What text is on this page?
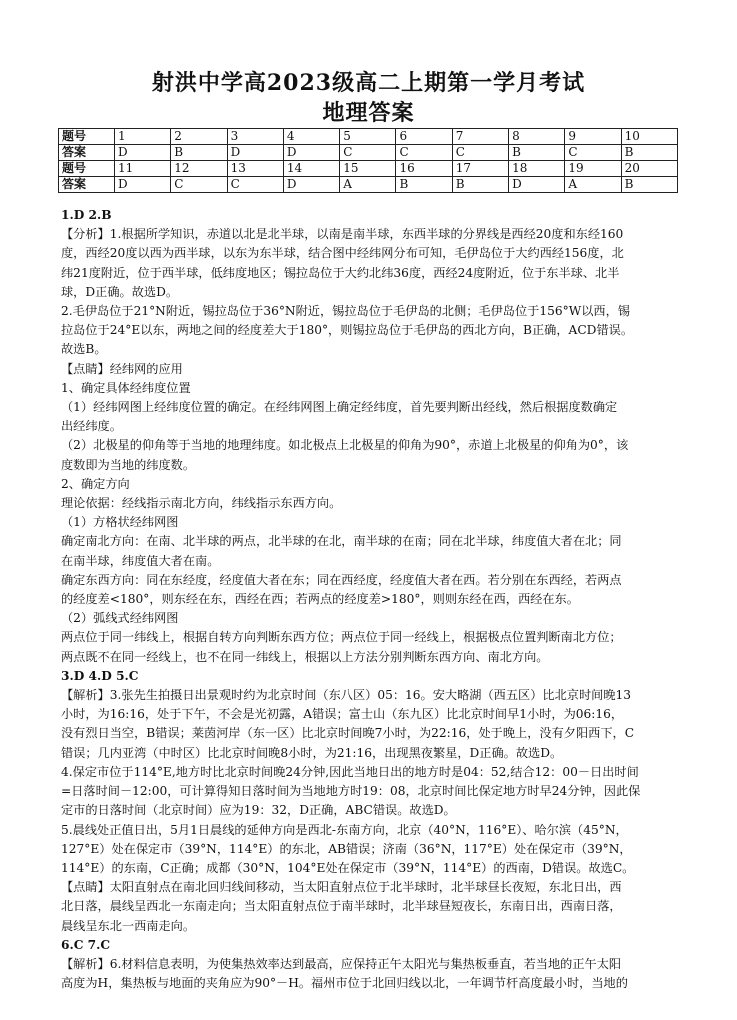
射洪中学高2023级高二上期第一学月考试
地理答案
题号	1	2	3	4	5	6	7	8	9	10
答案	D	B	D	D	C	C	C	B	C	B
题号	11	12	13	14	15	16	17	18	19	20
答案	D	C	C	D	A	B	B	D	A	B

1.D 2.B

【分析】1.根据所学知识，赤道以北是北半球，以南是南半球，东西半球的分界线是西经20度和东经160

度，西经20度以西为西半球，以东为东半球，结合图中经纬网分布可知，毛伊岛位于大约西经156度，北

纬21度附近，位于西半球，低纬度地区；锡拉岛位于大约北纬36度，西经24度附近，位于东半球、北半

球，D正确。故选D。

2.毛伊岛位于21°N附近，锡拉岛位于36°N附近，锡拉岛位于毛伊岛的北侧；毛伊岛位于156°W以西，锡

拉岛位于24°E以东，两地之间的经度差大于180°，则锡拉岛位于毛伊岛的西北方向，B正确，ACD错误。

故选B。

【点睛】经纬网的应用

1、确定具体经纬度位置

（1）经纬网图上经纬度位置的确定。在经纬网图上确定经纬度，首先要判断出经线，然后根据度数确定

出经纬度。

（2）北极星的仰角等于当地的地理纬度。如北极点上北极星的仰角为90°，赤道上北极星的仰角为0°，该

度数即为当地的纬度数。

2、确定方向

理论依据：经线指示南北方向，纬线指示东西方向。

（1）方格状经纬网图

确定南北方向：在南、北半球的两点，北半球的在北，南半球的在南；同在北半球，纬度值大者在北；同

在南半球，纬度值大者在南。

确定东西方向：同在东经度，经度值大者在东；同在西经度，经度值大者在西。若分别在东西经，若两点

的经度差<180°，则东经在东，西经在西；若两点的经度差>180°，则则东经在西，西经在东。

（2）弧线式经纬网图

两点位于同一纬线上，根据自转方向判断东西方位；两点位于同一经线上，根据极点位置判断南北方位；

两点既不在同一经线上，也不在同一纬线上，根据以上方法分别判断东西方向、南北方向。

3.D 4.D 5.C

【解析】3.张先生拍摄日出景观时约为北京时间（东八区）05：16。安大略湖（西五区）比北京时间晚13

小时，为16:16，处于下午，不会是光初露，A错误；富士山（东九区）比北京时间早1小时，为06:16，

没有烈日当空，B错误；莱茵河岸（东一区）比北京时间晚7小时，为22:16，处于晚上，没有夕阳西下，C

错误；几内亚湾（中时区）比北京时间晚8小时，为21:16，出现黑夜繁星，D正确。故选D。

4.保定市位于114°E,地方时比北京时间晚24分钟,因此当地日出的地方时是04：52,结合12：00－日出时间

=日落时间－12:00，可计算得知日落时间为当地地方时19：08，北京时间比保定地方时早24分钟，因此保

定市的日落时间（北京时间）应为19：32，D正确，ABC错误。故选D。

5.晨线处正值日出，5月1日晨线的延伸方向是西北-东南方向，北京（40°N，116°E）、哈尔滨（45°N，

127°E）处在保定市（39°N，114°E）的东北，AB错误；济南（36°N，117°E）处在保定市（39°N，

114°E）的东南，C正确；成都（30°N，104°E处在保定市（39°N，114°E）的西南，D错误。故选C。

【点睛】太阳直射点在南北回归线间移动，当太阳直射点位于北半球时，北半球昼长夜短，东北日出，西

北日落，晨线呈西北一东南走向；当太阳直射点位于南半球时，北半球昼短夜长，东南日出，西南日落，

晨线呈东北一西南走向。

6.C 7.C

【解析】6.材料信息表明，为使集热效率达到最高，应保持正午太阳光与集热板垂直，若当地的正午太阳

高度为H，集热板与地面的夹角应为90°－H。福州市位于北回归线以北，一年调节杆高度最小时，当地的
